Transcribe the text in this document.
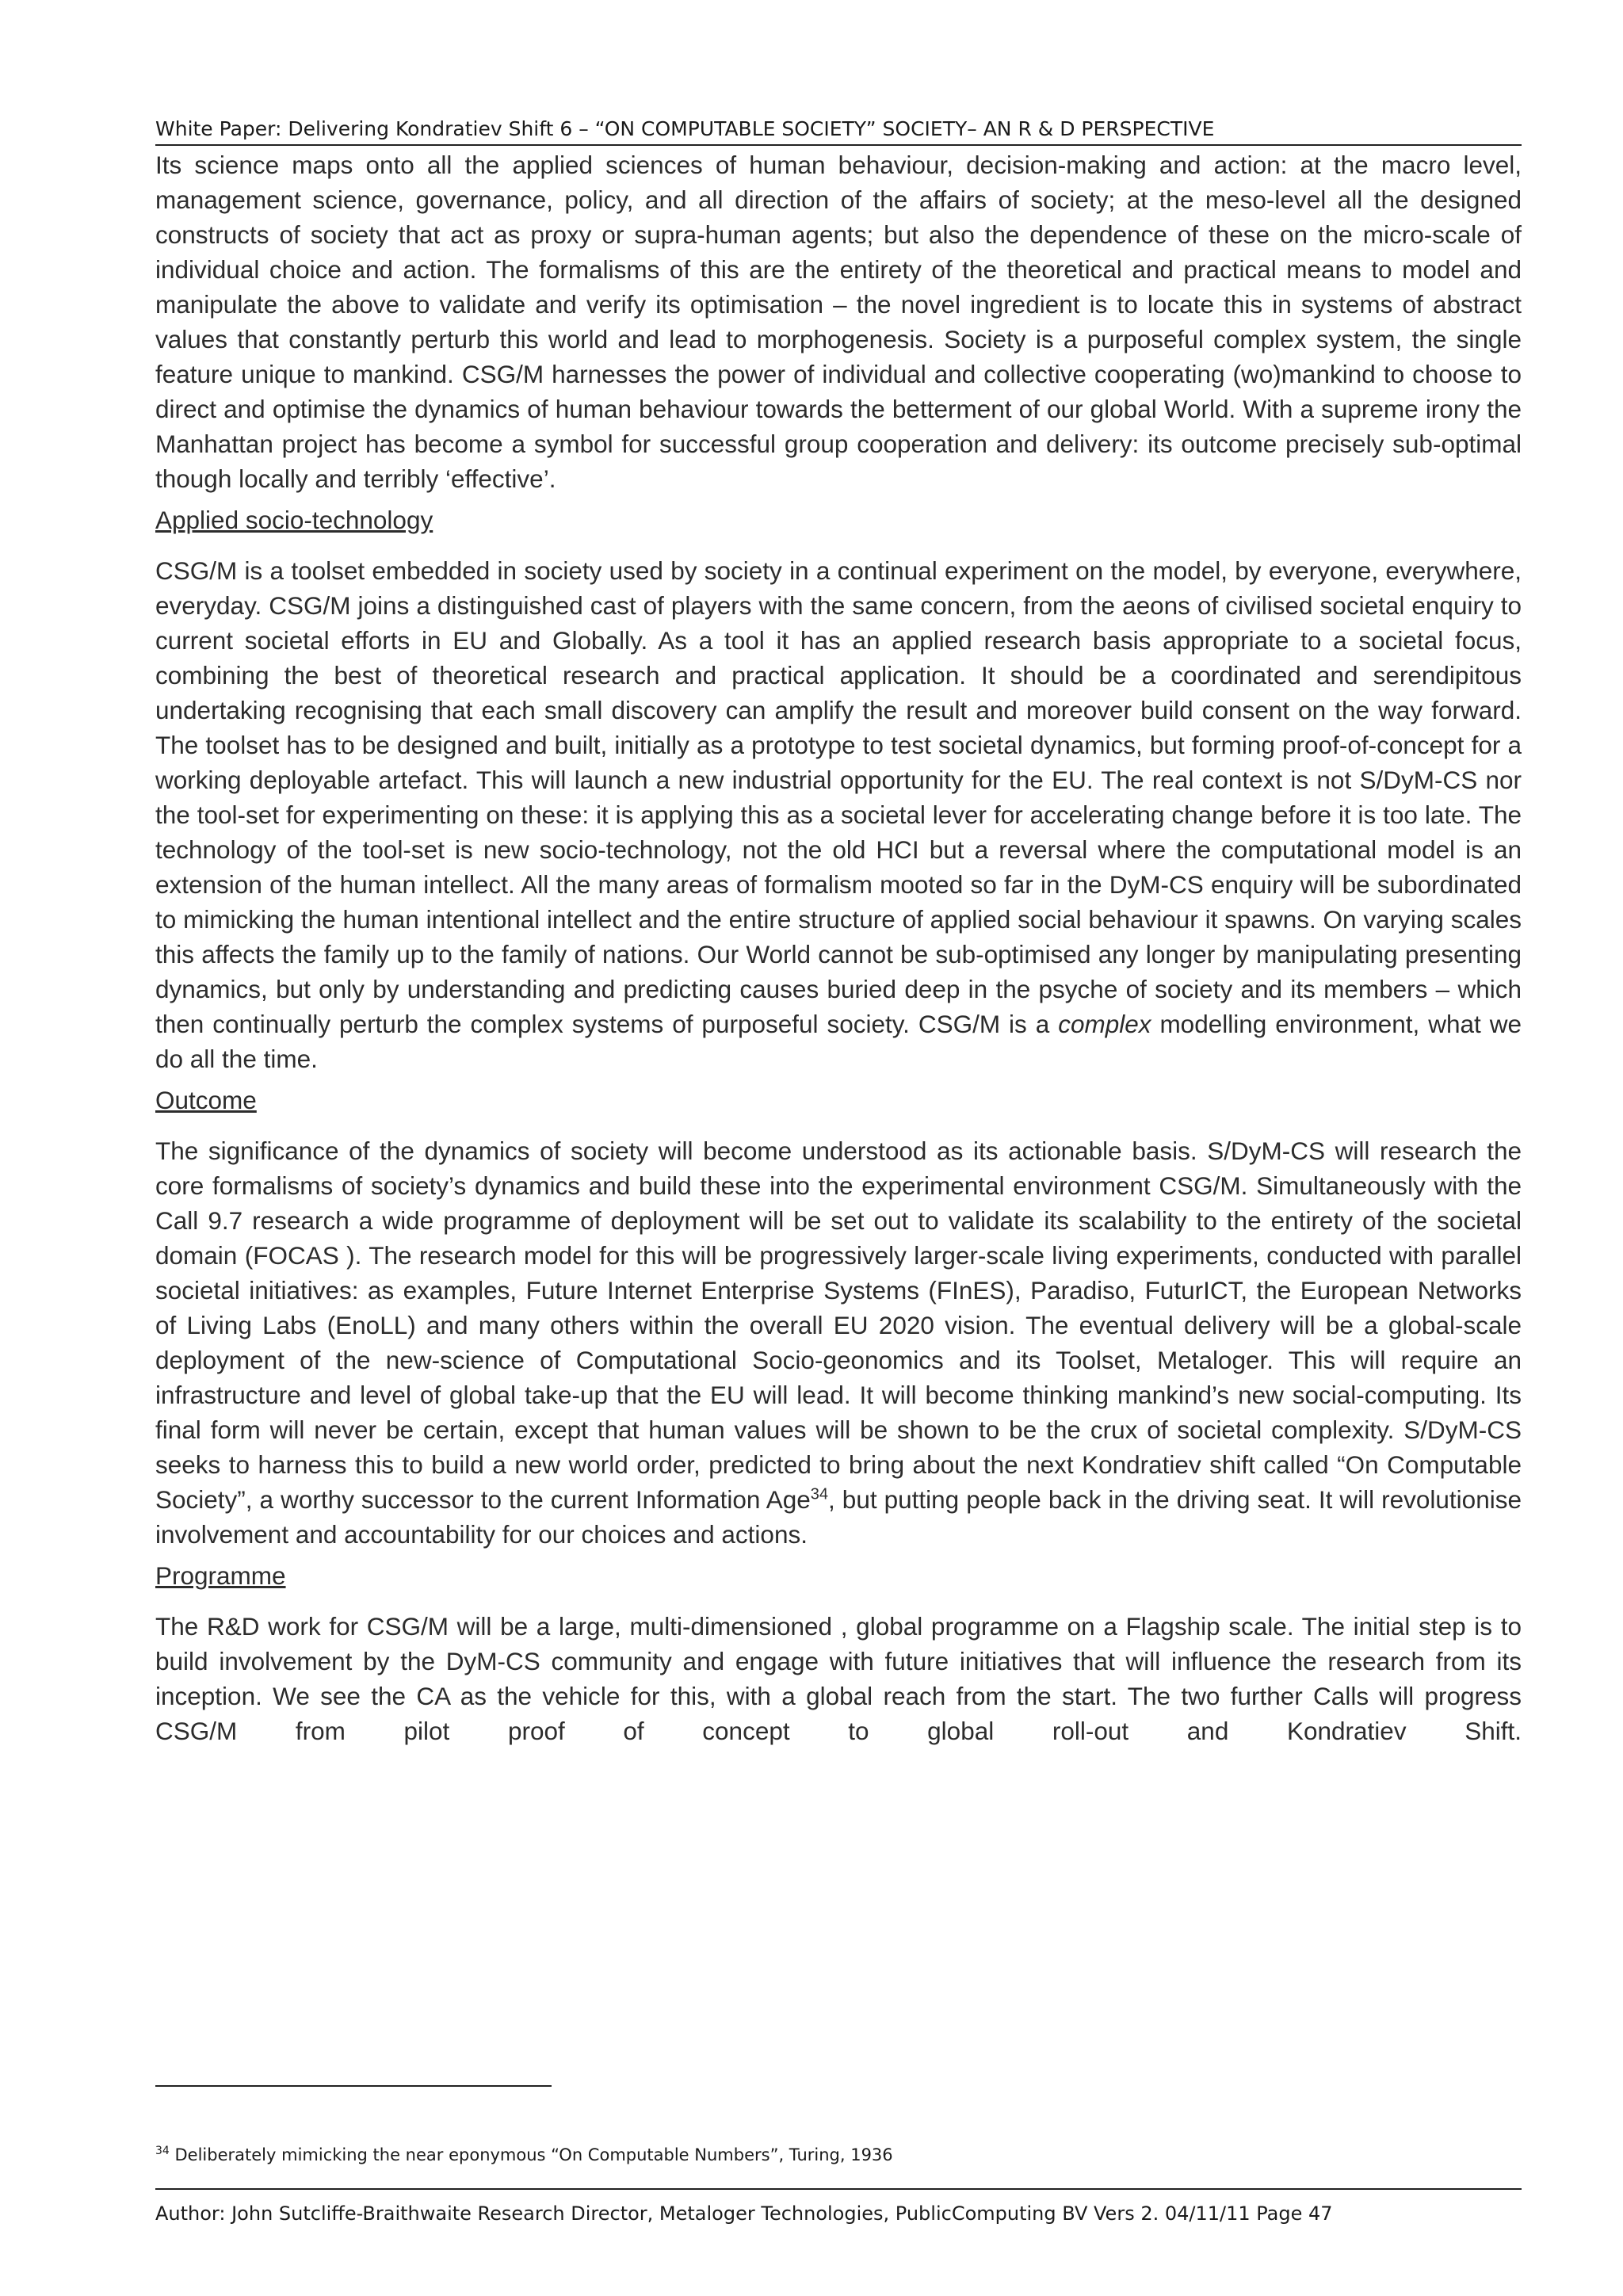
White Paper: Delivering Kondratiev Shift 6 – “ON COMPUTABLE SOCIETY” SOCIETY– AN R & D PERSPECTIVE

Its science maps onto all the applied sciences of human behaviour, decision-making and action: at the macro level, management science, governance, policy, and all direction of the affairs of society; at the meso-level all the designed constructs of society that act as proxy or supra-human agents; but also the dependence of these on the micro-scale of individual choice and action. The formalisms of this are the entirety of the theoretical and practical means to model and manipulate the above to validate and verify its optimisation – the novel ingredient is to locate this in systems of abstract values that constantly perturb this world and lead to morphogenesis. Society is a purposeful complex system, the single feature unique to mankind. CSG/M harnesses the power of individual and collective cooperating (wo)mankind to choose to direct and optimise the dynamics of human behaviour towards the betterment of our global World. With a supreme irony the Manhattan project has become a symbol for successful group cooperation and delivery: its outcome precisely sub-optimal though locally and terribly ‘effective’.

Applied socio-technology

CSG/M is a toolset embedded in society used by society in a continual experiment on the model, by everyone, everywhere, everyday. CSG/M joins a distinguished cast of players with the same concern, from the aeons of civilised societal enquiry to current societal efforts in EU and Globally. As a tool it has an applied research basis appropriate to a societal focus, combining the best of theoretical research and practical application. It should be a coordinated and serendipitous undertaking recognising that each small discovery can amplify the result and moreover build consent on the way forward. The toolset has to be designed and built, initially as a prototype to test societal dynamics, but forming proof-of-concept for a working deployable artefact. This will launch a new industrial opportunity for the EU. The real context is not S/DyM-CS nor the tool-set for experimenting on these: it is applying this as a societal lever for accelerating change before it is too late. The technology of the tool-set is new socio-technology, not the old HCI but a reversal where the computational model is an extension of the human intellect. All the many areas of formalism mooted so far in the DyM-CS enquiry will be subordinated to mimicking the human intentional intellect and the entire structure of applied social behaviour it spawns. On varying scales this affects the family up to the family of nations. Our World cannot be sub-optimised any longer by manipulating presenting dynamics, but only by understanding and predicting causes buried deep in the psyche of society and its members – which then continually perturb the complex systems of purposeful society. CSG/M is a complex modelling environment, what we do all the time.

Outcome

The significance of the dynamics of society will become understood as its actionable basis. S/DyM-CS will research the core formalisms of society’s dynamics and build these into the experimental environment CSG/M. Simultaneously with the Call 9.7 research a wide programme of deployment will be set out to validate its scalability to the entirety of the societal domain (FOCAS ). The research model for this will be progressively larger-scale living experiments, conducted with parallel societal initiatives: as examples, Future Internet Enterprise Systems (FInES), Paradiso, FuturICT, the European Networks of Living Labs (EnoLL) and many others within the overall EU 2020 vision. The eventual delivery will be a global-scale deployment of the new-science of Computational Socio-geonomics and its Toolset, Metaloger. This will require an infrastructure and level of global take-up that the EU will lead. It will become thinking mankind’s new social-computing. Its final form will never be certain, except that human values will be shown to be the crux of societal complexity. S/DyM-CS seeks to harness this to build a new world order, predicted to bring about the next Kondratiev shift called “On Computable Society”, a worthy successor to the current Information Age$^{34}$, but putting people back in the driving seat. It will revolutionise involvement and accountability for our choices and actions.

Programme

The R&D work for CSG/M will be a large, multi-dimensioned , global programme on a Flagship scale. The initial step is to build involvement by the DyM-CS community and engage with future initiatives that will influence the research from its inception. We see the CA as the vehicle for this, with a global reach from the start. The two further Calls will progress CSG/M from pilot proof of concept to global roll-out and Kondratiev Shift.

$^{34}$ Deliberately mimicking the near eponymous “On Computable Numbers”, Turing, 1936
Author: John Sutcliffe-Braithwaite Research Director, Metaloger Technologies, PublicComputing BV Vers 2. 04/11/11 Page 47
